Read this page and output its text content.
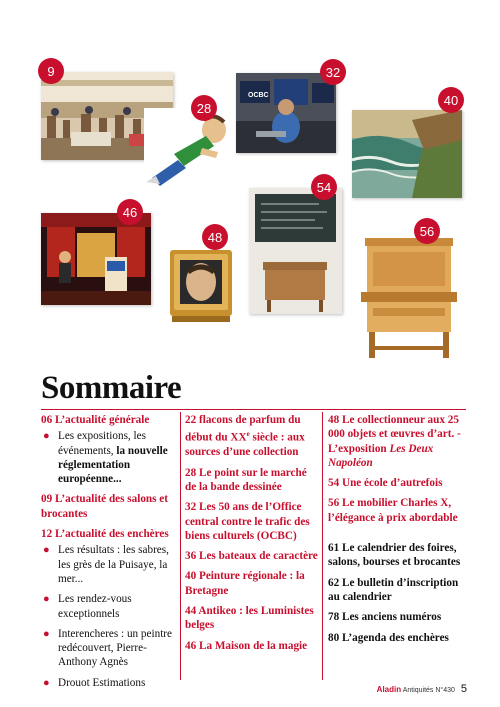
9
28
OCBC
32
40
46
48
54
56
Sommaire
06 L’actualité générale
● Les expositions, les événements, la nouvelle réglementation européenne...
09 L’actualité des salons et brocantes
12 L’actualité des enchères
● Les résultats : les sabres, les grès de la Puisaye, la mer...
● Les rendez-vous exceptionnels
● Interencheres : un peintre redécouvert, Pierre-Anthony Agnès
● Drouot Estimations
22 flacons de parfum du début du XXe siècle : aux sources d’une collection
28 Le point sur le marché de la bande dessinée
32 Les 50 ans de l’Office central contre le trafic des biens culturels (OCBC)
36 Les bateaux de caractère
40 Peinture régionale : la Bretagne
44 Antikeo : les Luministes belges
46 La Maison de la magie
48 Le collectionneur aux 25 000 objets et œuvres d’art. - L’exposition Les Deux Napoléon
54 Une école d’autrefois
56 Le mobilier Charles X, l’élégance à prix abordable
61 Le calendrier des foires, salons, bourses et brocantes
62 Le bulletin d’inscription au calendrier
78 Les anciens numéros
80 L’agenda des enchères
Aladin Antiquités N°430 5
